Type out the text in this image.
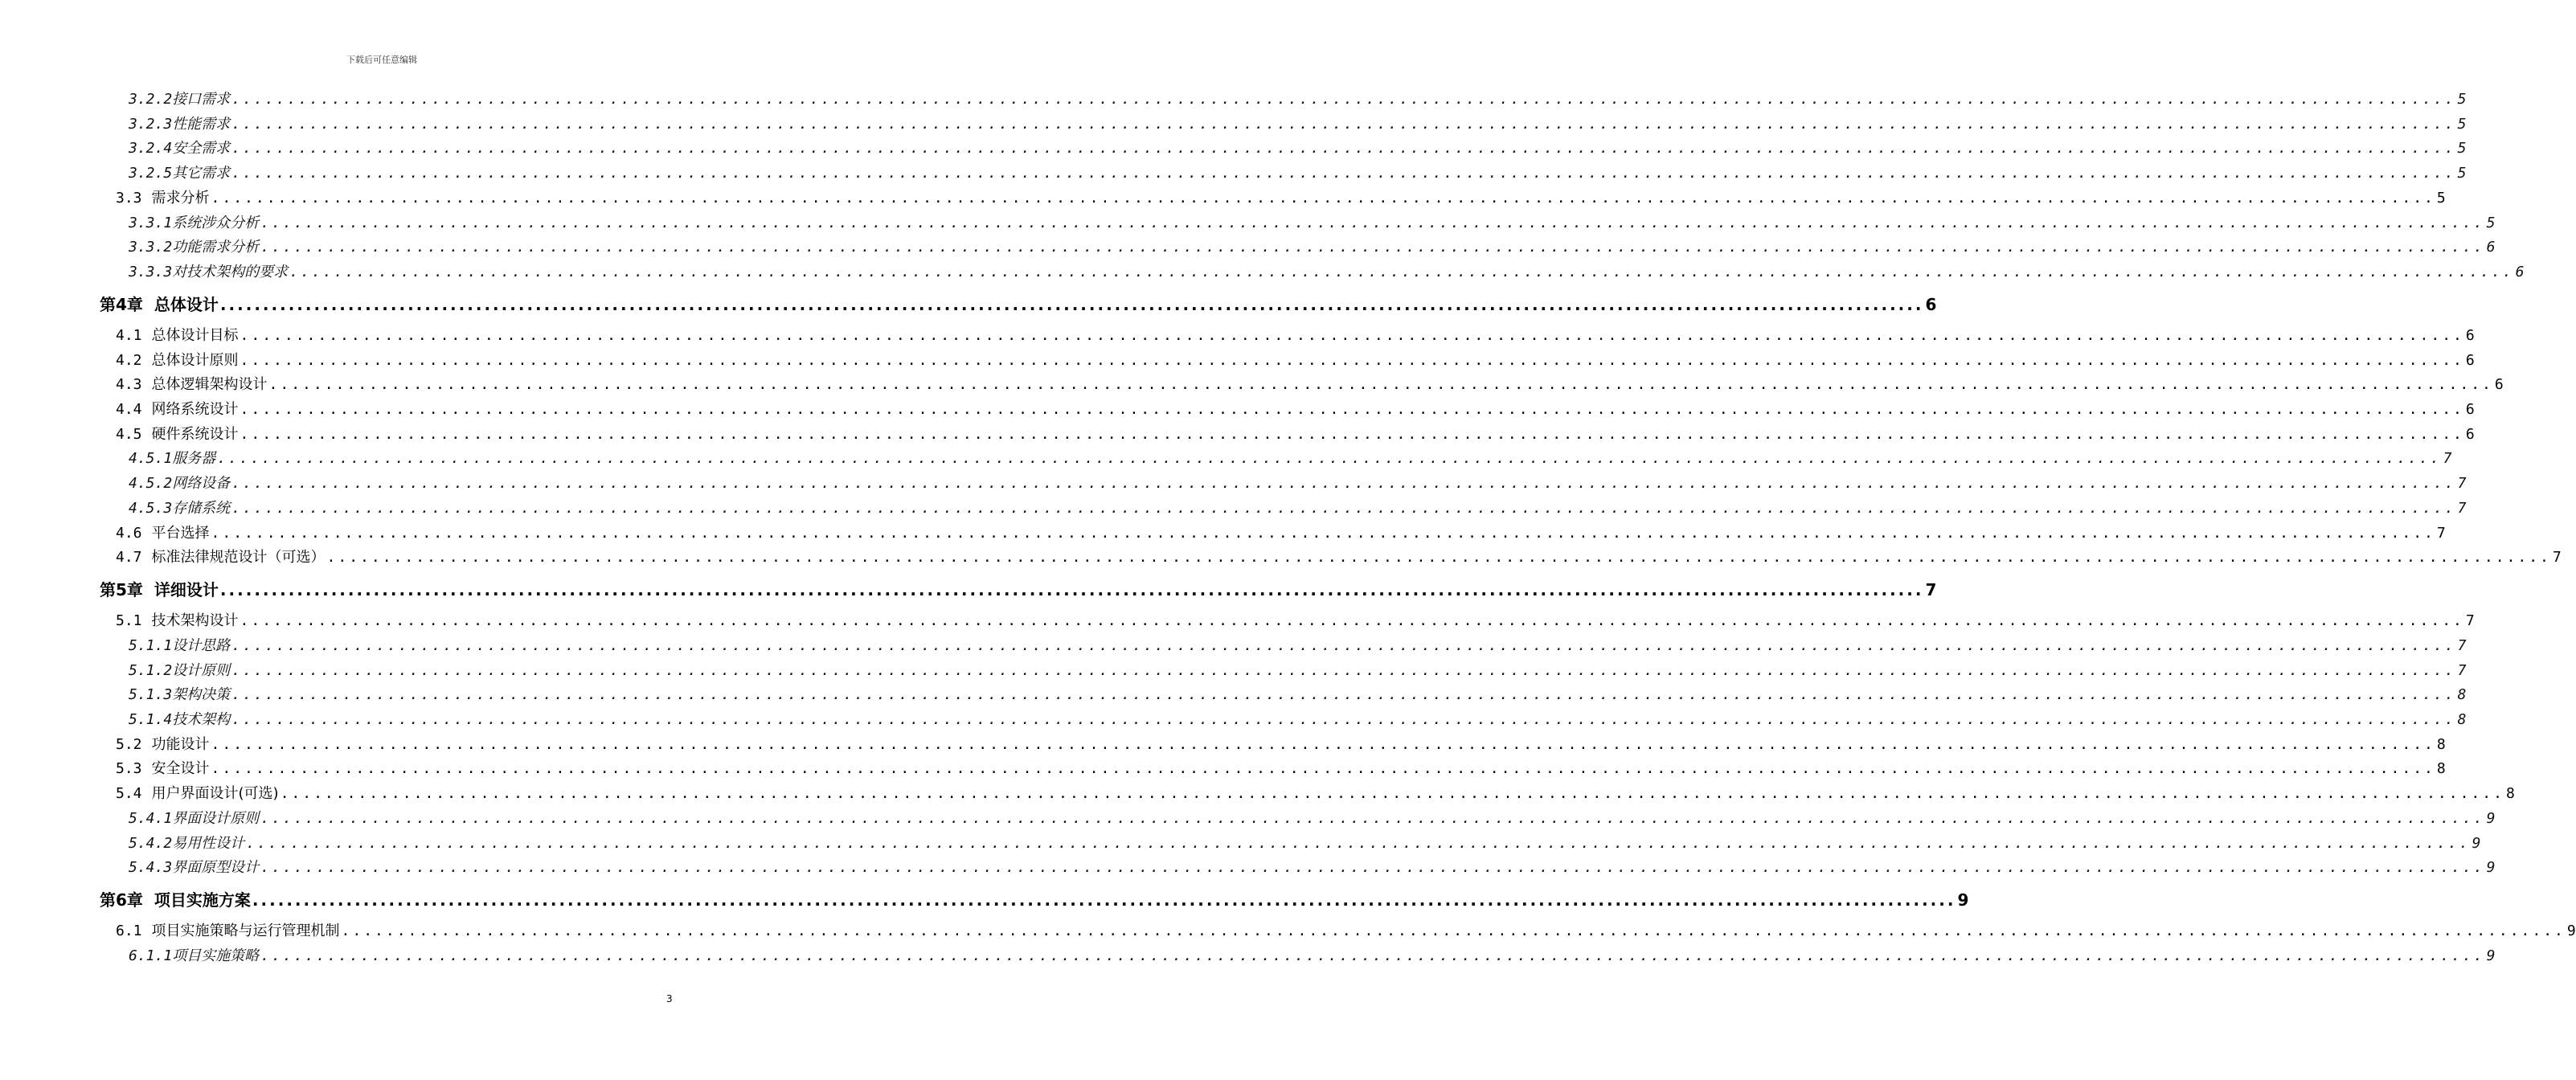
下载后可任意编辑
3.2.2接口需求 ........................................................................................................................................................................................................ 5
3.2.3性能需求 ........................................................................................................................................................................................................ 5
3.2.4安全需求 ........................................................................................................................................................................................................ 5
3.2.5其它需求 ........................................................................................................................................................................................................ 5
3.3 需求分析 ........................................................................................................................................................................................................ 5
3.3.1系统涉众分析 ........................................................................................................................................................................................................ 5
3.3.2功能需求分析 ........................................................................................................................................................................................................ 6
3.3.3对技术架构的要求 ........................................................................................................................................................................................................ 6
第4章 总体设计 ........................................................................................................................................................................................................ 6
4.1 总体设计目标 ........................................................................................................................................................................................................ 6
4.2 总体设计原则 ........................................................................................................................................................................................................ 6
4.3 总体逻辑架构设计 ........................................................................................................................................................................................................ 6
4.4 网络系统设计 ........................................................................................................................................................................................................ 6
4.5 硬件系统设计 ........................................................................................................................................................................................................ 6
4.5.1服务器 ........................................................................................................................................................................................................ 7
4.5.2网络设备 ........................................................................................................................................................................................................ 7
4.5.3存储系统 ........................................................................................................................................................................................................ 7
4.6 平台选择 ........................................................................................................................................................................................................ 7
4.7 标准法律规范设计（可选） ........................................................................................................................................................................................................ 7
第5章 详细设计 ........................................................................................................................................................................................................ 7
5.1 技术架构设计 ........................................................................................................................................................................................................ 7
5.1.1设计思路 ........................................................................................................................................................................................................ 7
5.1.2设计原则 ........................................................................................................................................................................................................ 7
5.1.3架构决策 ........................................................................................................................................................................................................ 8
5.1.4技术架构 ........................................................................................................................................................................................................ 8
5.2 功能设计 ........................................................................................................................................................................................................ 8
5.3 安全设计 ........................................................................................................................................................................................................ 8
5.4 用户界面设计(可选) ........................................................................................................................................................................................................ 8
5.4.1界面设计原则 ........................................................................................................................................................................................................ 9
5.4.2易用性设计 ........................................................................................................................................................................................................ 9
5.4.3界面原型设计 ........................................................................................................................................................................................................ 9
第6章 项目实施方案 ........................................................................................................................................................................................................ 9
6.1 项目实施策略与运行管理机制 ........................................................................................................................................................................................................ 9
6.1.1项目实施策略 ........................................................................................................................................................................................................ 9
3
